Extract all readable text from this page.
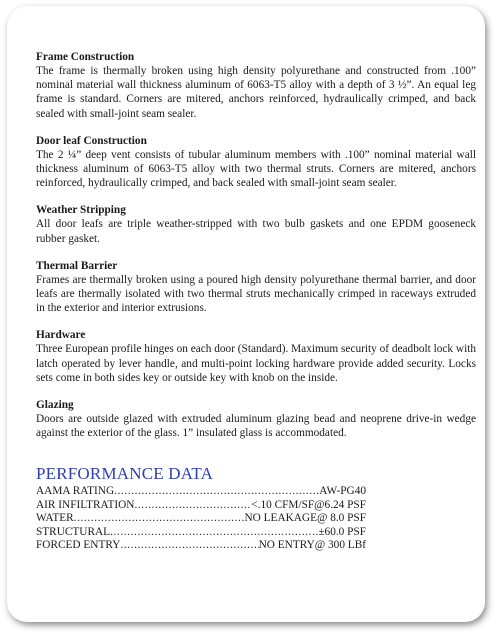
Frame Construction

The frame is thermally broken using high density polyurethane and constructed from .100” nominal material wall thickness aluminum of 6063-T5 alloy with a depth of 3 ½”. An equal leg frame is standard. Corners are mitered, anchors reinforced, hydraulically crimped, and back sealed with small-joint seam sealer.

Door leaf Construction

The 2 ¼” deep vent consists of tubular aluminum members with .100” nominal material wall thickness aluminum of 6063-T5 alloy with two thermal struts. Corners are mitered, anchors reinforced, hydraulically crimped, and back sealed with small-joint seam sealer.

Weather Stripping

All door leafs are triple weather-stripped with two bulb gaskets and one EPDM gooseneck rubber gasket.

Thermal Barrier

Frames are thermally broken using a poured high density polyurethane thermal barrier, and door leafs are thermally isolated with two thermal struts mechanically crimped in raceways extruded in the exterior and interior extrusions.

Hardware

Three European profile hinges on each door (Standard). Maximum security of deadbolt lock with latch operated by lever handle, and multi-point locking hardware provide added security. Locks sets come in both sides key or outside key with knob on the inside.

Glazing

Doors are outside glazed with extruded aluminum glazing bead and neoprene drive-in wedge against the exterior of the glass. 1” insulated glass is accommodated.

PERFORMANCE DATA
AAMA RATING .....	AW-PG40
AIR INFILTRATION .....	<.10 CFM/SF@6.24 PSF
WATER .....	NO LEAKAGE@ 8.0 PSF
STRUCTURAL .....	±60.0 PSF
FORCED ENTRY .....	NO ENTRY@ 300 LBf
